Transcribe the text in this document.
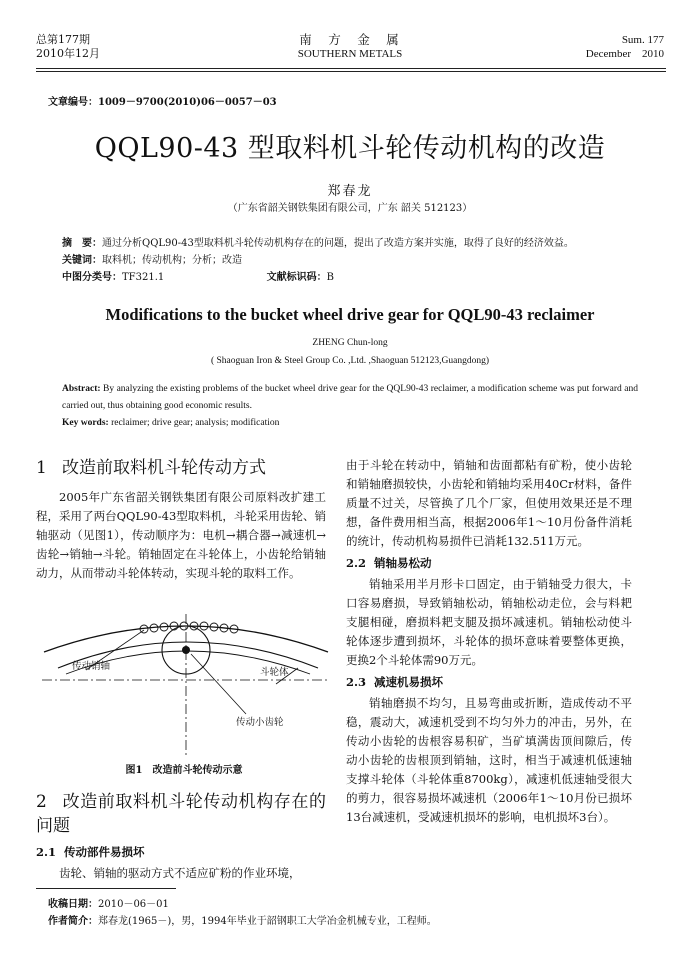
总第177期
2010年12月
南　方　金　属
SOUTHERN METALS
Sum. 177
December　2010
文章编号：1009－9700(2010)06－0057－03
QQL90-43 型取料机斗轮传动机构的改造
郑春龙
（广东省韶关钢铁集团有限公司，广东 韶关 512123）
摘　要：通过分析QQL90-43型取料机斗轮传动机构存在的问题，提出了改造方案并实施，取得了良好的经济效益。
关键词：取料机；传动机构；分析；改造
中图分类号：TF321.1	文献标识码：B
Modifications to the bucket wheel drive gear for QQL90-43 reclaimer
ZHENG Chun-long
( Shaoguan Iron & Steel Group Co. ,Ltd. ,Shaoguan 512123,Guangdong)
Abstract: By analyzing the existing problems of the bucket wheel drive gear for the QQL90-43 reclaimer, a modification scheme was put forward and carried out, thus obtaining good economic results.
Key words: reclaimer; drive gear; analysis; modification
1 改造前取料机斗轮传动方式

2005年广东省韶关钢铁集团有限公司原料改扩建工程，采用了两台QQL90-43型取料机，斗轮采用齿轮、销轴驱动（见图1），传动顺序为：电机→耦合器→减速机→齿轮→销轴→斗轮。销轴固定在斗轮体上，小齿轮给销轴动力，从而带动斗轮体转动，实现斗轮的取料工作。

传动销轴
斗轮体
传动小齿轮
图1　改造前斗轮传动示意
2 改造前取料机斗轮传动机构存在的问题
2.1 传动部件易损坏

齿轮、销轴的驱动方式不适应矿粉的作业环境，

由于斗轮在转动中，销轴和齿面都粘有矿粉，使小齿轮和销轴磨损较快，小齿轮和销轴均采用40Cr材料，备件质量不过关，尽管换了几个厂家，但使用效果还是不理想，备件费用相当高，根据2006年1～10月份备件消耗的统计，传动机构易损件已消耗132.511万元。

2.2 销轴易松动

销轴采用半月形卡口固定，由于销轴受力很大，卡口容易磨损，导致销轴松动，销轴松动走位，会与料耙支腿相碰，磨损料耙支腿及损坏减速机。销轴松动使斗轮体逐步遭到损坏，斗轮体的损坏意味着要整体更换，更换2个斗轮体需90万元。

2.3 减速机易损坏

销轴磨损不均匀，且易弯曲或折断，造成传动不平稳，震动大，减速机受到不均匀外力的冲击，另外，在传动小齿轮的齿根容易积矿，当矿填满齿顶间隙后，传动小齿轮的齿根顶到销轴，这时，相当于减速机低速轴支撑斗轮体（斗轮体重8700kg），减速机低速轴受很大的剪力，很容易损坏减速机（2006年1～10月份已损坏13台减速机，受减速机损坏的影响，电机损坏3台）。

收稿日期：2010－06－01
作者简介：郑春龙(1965－)，男，1994年毕业于韶钢职工大学冶金机械专业，工程师。
